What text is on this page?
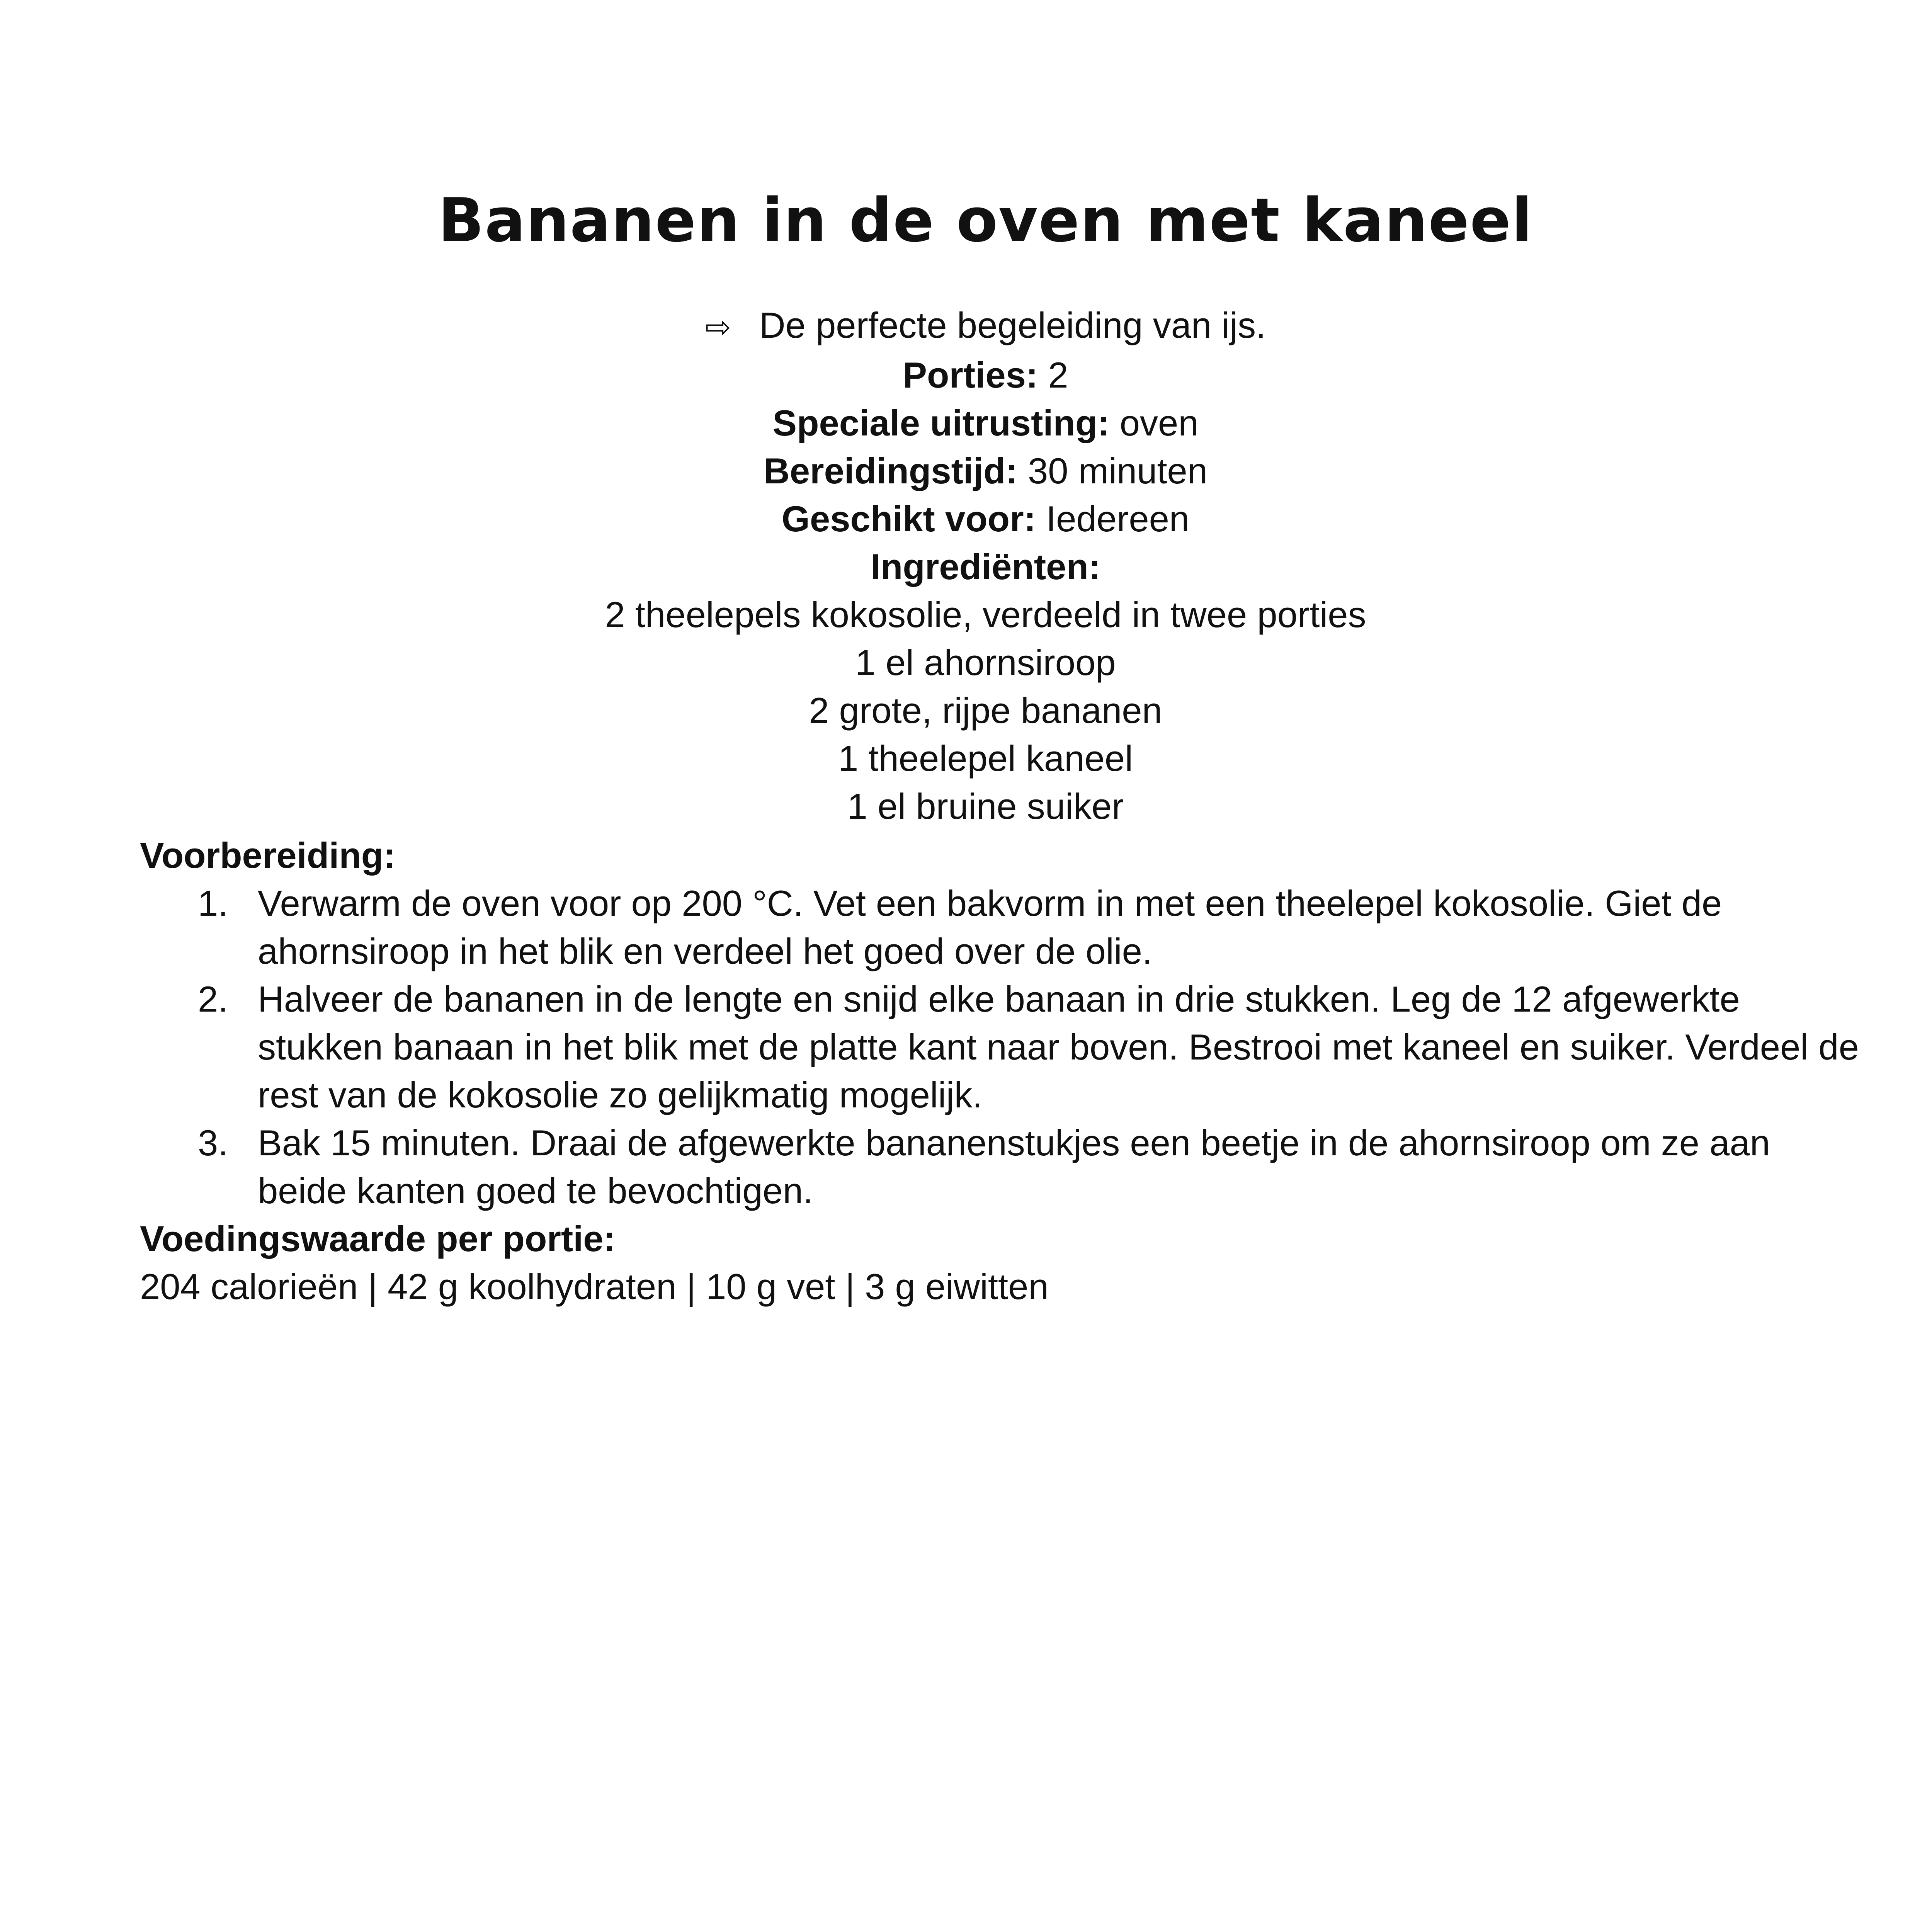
Bananen in de oven met kaneel
⇨ De perfecte begeleiding van ijs.
Porties: 2
Speciale uitrusting: oven
Bereidingstijd: 30 minuten
Geschikt voor: Iedereen
Ingrediënten:
2 theelepels kokosolie, verdeeld in twee porties
1 el ahornsiroop
2 grote, rijpe bananen
1 theelepel kaneel
1 el bruine suiker
Voorbereiding:
1. Verwarm de oven voor op 200 °C. Vet een bakvorm in met een theelepel kokosolie. Giet de ahornsiroop in het blik en verdeel het goed over de olie.
2. Halveer de bananen in de lengte en snijd elke banaan in drie stukken. Leg de 12 afgewerkte stukken banaan in het blik met de platte kant naar boven. Bestrooi met kaneel en suiker. Verdeel de rest van de kokosolie zo gelijkmatig mogelijk.
3. Bak 15 minuten. Draai de afgewerkte bananenstukjes een beetje in de ahornsiroop om ze aan beide kanten goed te bevochtigen.
Voedingswaarde per portie:
204 calorieën | 42 g koolhydraten | 10 g vet | 3 g eiwitten
